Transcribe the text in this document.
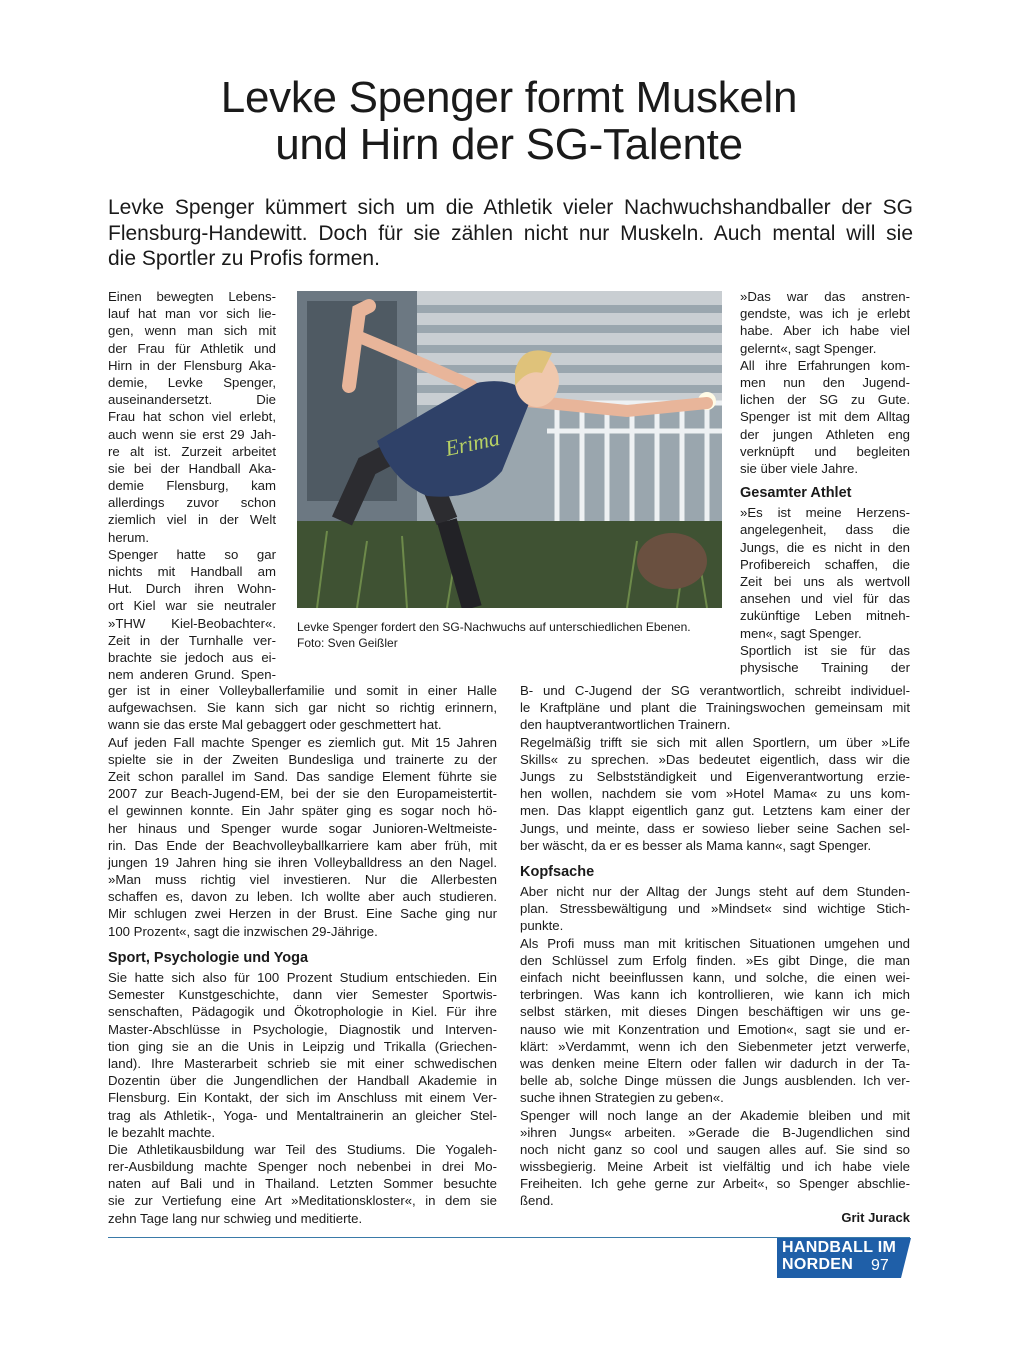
Levke Spenger formt Muskeln
und Hirn der SG-Talente
Levke Spenger kümmert sich um die Athletik vieler Nachwuchshandballer der SG
Flensburg-Handewitt. Doch für sie zählen nicht nur Muskeln. Auch mental will sie
die Sportler zu Profis formen.
Einen bewegten Lebens-
lauf hat man vor sich lie-
gen, wenn man sich mit
der Frau für Athletik und
Hirn in der Flensburg Aka-
demie, Levke Spenger,
auseinandersetzt. Die
Frau hat schon viel erlebt,
auch wenn sie erst 29 Jah-
re alt ist. Zurzeit arbeitet
sie bei der Handball Aka-
demie Flensburg, kam
allerdings zuvor schon
ziemlich viel in der Welt
herum.
Spenger hatte so gar
nichts mit Handball am
Hut. Durch ihren Wohn-
ort Kiel war sie neutraler
»THW Kiel-Beobachter«.
Zeit in der Turnhalle ver-
brachte sie jedoch aus ei-
nem anderen Grund. Spen-
Erima
Levke Spenger fordert den SG-Nachwuchs auf unterschiedlichen Ebenen.
Foto: Sven Geißler
»Das war das anstren-
gendste, was ich je erlebt
habe. Aber ich habe viel
gelernt«, sagt Spenger.
All ihre Erfahrungen kom-
men nun den Jugend-
lichen der SG zu Gute.
Spenger ist mit dem Alltag
der jungen Athleten eng
verknüpft und begleiten
sie über viele Jahre.
Gesamter Athlet
»Es ist meine Herzens-
angelegenheit, dass die
Jungs, die es nicht in den
Profibereich schaffen, die
Zeit bei uns als wertvoll
ansehen und viel für das
zukünftige Leben mitneh-
men«, sagt Spenger.
Sportlich ist sie für das
physische Training der
ger ist in einer Volleyballerfamilie und somit in einer Halle
aufgewachsen. Sie kann sich gar nicht so richtig erinnern,
wann sie das erste Mal gebaggert oder geschmettert hat.
Auf jeden Fall machte Spenger es ziemlich gut. Mit 15 Jahren
spielte sie in der Zweiten Bundesliga und trainerte zu der
Zeit schon parallel im Sand. Das sandige Element führte sie
2007 zur Beach-Jugend-EM, bei der sie den Europameistertit-
el gewinnen konnte. Ein Jahr später ging es sogar noch hö-
her hinaus und Spenger wurde sogar Junioren-Weltmeiste-
rin. Das Ende der Beachvolleyballkarriere kam aber früh, mit
jungen 19 Jahren hing sie ihren Volleyballdress an den Nagel.
»Man muss richtig viel investieren. Nur die Allerbesten
schaffen es, davon zu leben. Ich wollte aber auch studieren.
Mir schlugen zwei Herzen in der Brust. Eine Sache ging nur
100 Prozent«, sagt die inzwischen 29-Jährige.
Sport, Psychologie und Yoga
Sie hatte sich also für 100 Prozent Studium entschieden. Ein
Semester Kunstgeschichte, dann vier Semester Sportwis-
senschaften, Pädagogik und Ökotrophologie in Kiel. Für ihre
Master-Abschlüsse in Psychologie, Diagnostik und Interven-
tion ging sie an die Unis in Leipzig und Trikalla (Griechen-
land). Ihre Masterarbeit schrieb sie mit einer schwedischen
Dozentin über die Jungendlichen der Handball Akademie in
Flensburg. Ein Kontakt, der sich im Anschluss mit einem Ver-
trag als Athletik-, Yoga- und Mentaltrainerin an gleicher Stel-
le bezahlt machte.
Die Athletikausbildung war Teil des Studiums. Die Yogaleh-
rer-Ausbildung machte Spenger noch nebenbei in drei Mo-
naten auf Bali und in Thailand. Letzten Sommer besuchte
sie zur Vertiefung eine Art »Meditationskloster«, in dem sie
zehn Tage lang nur schwieg und meditierte.
B- und C-Jugend der SG verantwortlich, schreibt individuel-
le Kraftpläne und plant die Trainingswochen gemeinsam mit
den hauptverantwortlichen Trainern.
Regelmäßig trifft sie sich mit allen Sportlern, um über »Life
Skills« zu sprechen. »Das bedeutet eigentlich, dass wir die
Jungs zu Selbstständigkeit und Eigenverantwortung erzie-
hen wollen, nachdem sie vom »Hotel Mama« zu uns kom-
men. Das klappt eigentlich ganz gut. Letztens kam einer der
Jungs, und meinte, dass er sowieso lieber seine Sachen sel-
ber wäscht, da er es besser als Mama kann«, sagt Spenger.
Kopfsache
Aber nicht nur der Alltag der Jungs steht auf dem Stunden-
plan. Stressbewältigung und »Mindset« sind wichtige Stich-
punkte.
Als Profi muss man mit kritischen Situationen umgehen und
den Schlüssel zum Erfolg finden. »Es gibt Dinge, die man
einfach nicht beeinflussen kann, und solche, die einen wei-
terbringen. Was kann ich kontrollieren, wie kann ich mich
selbst stärken, mit dieses Dingen beschäftigen wir uns ge-
nauso wie mit Konzentration und Emotion«, sagt sie und er-
klärt: »Verdammt, wenn ich den Siebenmeter jetzt verwerfe,
was denken meine Eltern oder fallen wir dadurch in der Ta-
belle ab, solche Dinge müssen die Jungs ausblenden. Ich ver-
suche ihnen Strategien zu geben«.
Spenger will noch lange an der Akademie bleiben und mit
»ihren Jungs« arbeiten. »Gerade die B-Jugendlichen sind
noch nicht ganz so cool und saugen alles auf. Sie sind so
wissbegierig. Meine Arbeit ist vielfältig und ich habe viele
Freiheiten. Ich gehe gerne zur Arbeit«, so Spenger abschlie-
ßend.
Grit Jurack
HANDBALL IM
NORDEN	97
